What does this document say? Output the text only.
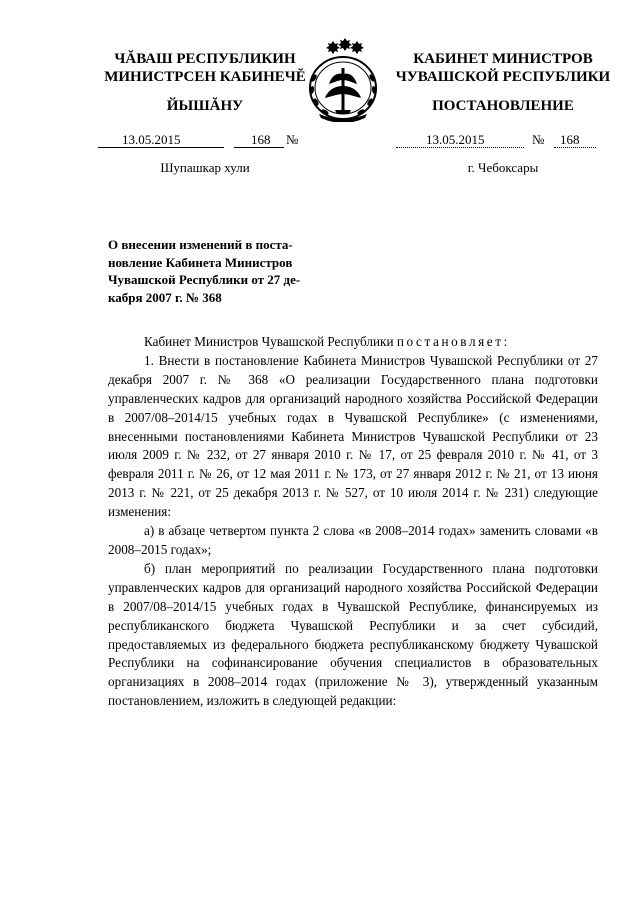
ЧĂВАШ РЕСПУБЛИКИН
МИНИСТРСЕН КАБИНЕЧĔ
ЙЫШĂНУ
13.05.2015	168 №
Шупашкар хули
КАБИНЕТ МИНИСТРОВ
ЧУВАШСКОЙ РЕСПУБЛИКИ
ПОСТАНОВЛЕНИЕ
13.05.2015	№ 168
г. Чебоксары
О внесении изменений в поста-
новление Кабинета Министров
Чувашской Республики от 27 де-
кабря 2007 г. № 368

Кабинет Министров Чувашской Республики постановляет:

1. Внести в постановление Кабинета Министров Чувашской Республики от 27 декабря 2007 г. № 368 «О реализации Государственного плана подготовки управленческих кадров для организаций народного хозяйства Российской Федерации в 2007/08–2014/15 учебных годах в Чувашской Республике» (с изменениями, внесенными постановлениями Кабинета Министров Чувашской Республики от 23 июля 2009 г. № 232, от 27 января 2010 г. № 17, от 25 февраля 2010 г. № 41, от 3 февраля 2011 г. № 26, от 12 мая 2011 г. № 173, от 27 января 2012 г. № 21, от 13 июня 2013 г. № 221, от 25 декабря 2013 г. № 527, от 10 июля 2014 г. № 231) следующие изменения:

а) в абзаце четвертом пункта 2 слова «в 2008–2014 годах» заменить словами «в 2008–2015 годах»;

б) план мероприятий по реализации Государственного плана подготовки управленческих кадров для организаций народного хозяйства Российской Федерации в 2007/08–2014/15 учебных годах в Чувашской Республике, финансируемых из республиканского бюджета Чувашской Республики и за счет субсидий, предоставляемых из федерального бюджета республиканскому бюджету Чувашской Республики на софинансирование обучения специалистов в образовательных организациях в 2008–2014 годах (приложение № 3), утвержденный указанным постановлением, изложить в следующей редакции:
